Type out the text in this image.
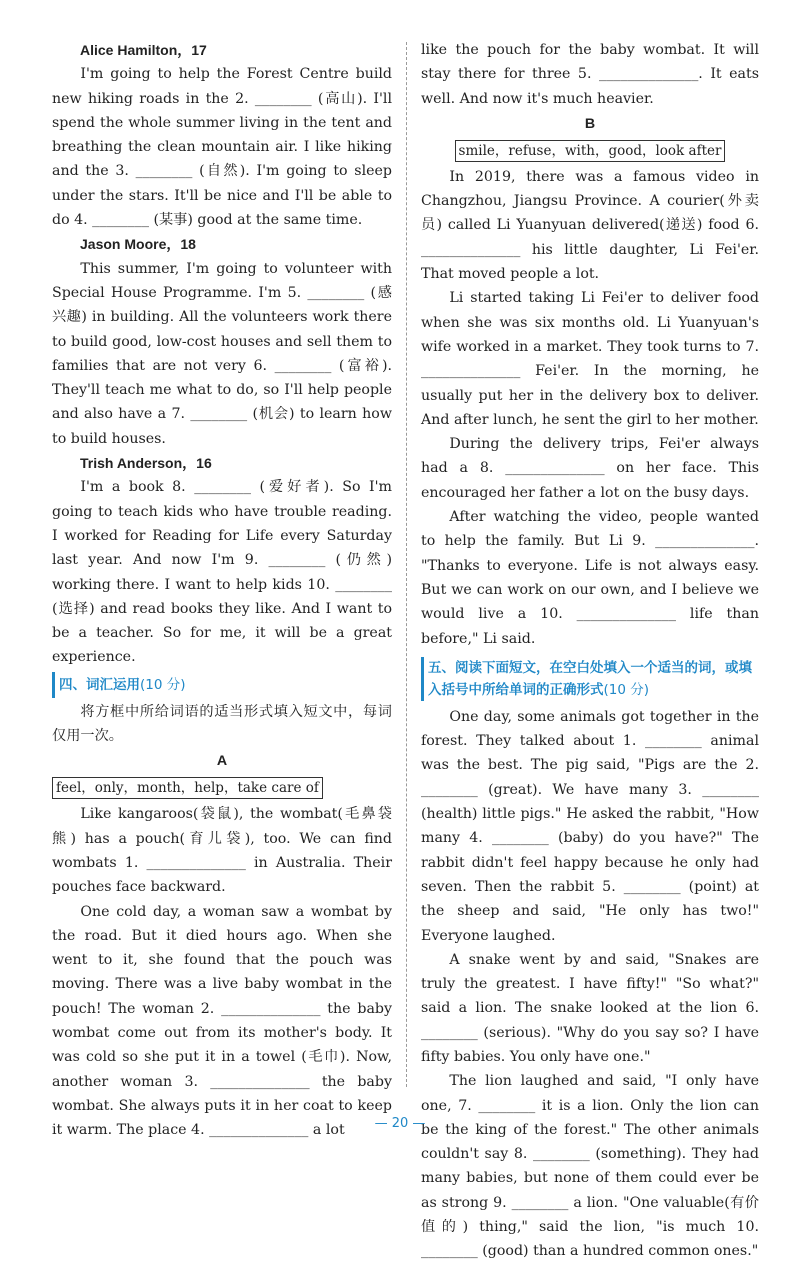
Alice Hamilton，17

I'm going to help the Forest Centre build new hiking roads in the 2. ________ (高山). I'll spend the whole summer living in the tent and breathing the clean mountain air. I like hiking and the 3. ________ (自然). I'm going to sleep under the stars. It'll be nice and I'll be able to do 4. ________ (某事) good at the same time.

Jason Moore，18

This summer, I'm going to volunteer with Special House Programme. I'm 5. ________ (感兴趣) in building. All the volunteers work there to build good, low-cost houses and sell them to families that are not very 6. ________ (富裕). They'll teach me what to do, so I'll help people and also have a 7. ________ (机会) to learn how to build houses.

Trish Anderson，16

I'm a book 8. ________ (爱好者). So I'm going to teach kids who have trouble reading. I worked for Reading for Life every Saturday last year. And now I'm 9. ________ (仍然) working there. I want to help kids 10. ________ (选择) and read books they like. And I want to be a teacher. So for me, it will be a great experience.

四、词汇运用(10 分)

将方框中所给词语的适当形式填入短文中，每词仅用一次。

A

feel，only，month，help，take care of

Like kangaroos(袋鼠), the wombat(毛鼻袋熊) has a pouch(育儿袋), too. We can find wombats 1. ______________ in Australia. Their pouches face backward.

One cold day, a woman saw a wombat by the road. But it died hours ago. When she went to it, she found that the pouch was moving. There was a live baby wombat in the pouch! The woman 2. ______________ the baby wombat come out from its mother's body. It was cold so she put it in a towel (毛巾). Now, another woman 3. ______________ the baby wombat. She always puts it in her coat to keep it warm. The place 4. ______________ a lot

like the pouch for the baby wombat. It will stay there for three 5. ______________. It eats well. And now it's much heavier.

B

smile，refuse，with，good，look after

In 2019, there was a famous video in Changzhou, Jiangsu Province. A courier(外卖员) called Li Yuanyuan delivered(递送) food 6. ______________ his little daughter, Li Fei'er. That moved people a lot.

Li started taking Li Fei'er to deliver food when she was six months old. Li Yuanyuan's wife worked in a market. They took turns to 7. ______________ Fei'er. In the morning, he usually put her in the delivery box to deliver. And after lunch, he sent the girl to her mother.

During the delivery trips, Fei'er always had a 8. ______________ on her face. This encouraged her father a lot on the busy days.

After watching the video, people wanted to help the family. But Li 9. ______________. "Thanks to everyone. Life is not always easy. But we can work on our own, and I believe we would live a 10. ______________ life than before," Li said.

五、阅读下面短文，在空白处填入一个适当的词，或填入括号中所给单词的正确形式(10 分)

One day, some animals got together in the forest. They talked about 1. ________ animal was the best. The pig said, "Pigs are the 2. ________ (great). We have many 3. ________ (health) little pigs." He asked the rabbit, "How many 4. ________ (baby) do you have?" The rabbit didn't feel happy because he only had seven. Then the rabbit 5. ________ (point) at the sheep and said, "He only has two!" Everyone laughed.

A snake went by and said, "Snakes are truly the greatest. I have fifty!" "So what?" said a lion. The snake looked at the lion 6. ________ (serious). "Why do you say so? I have fifty babies. You only have one."

The lion laughed and said, "I only have one, 7. ________ it is a lion. Only the lion can be the king of the forest." The other animals couldn't say 8. ________ (something). They had many babies, but none of them could ever be as strong 9. ________ a lion. "One valuable(有价值的) thing," said the lion, "is much 10. ________ (good) than a hundred common ones."

— 20 —
